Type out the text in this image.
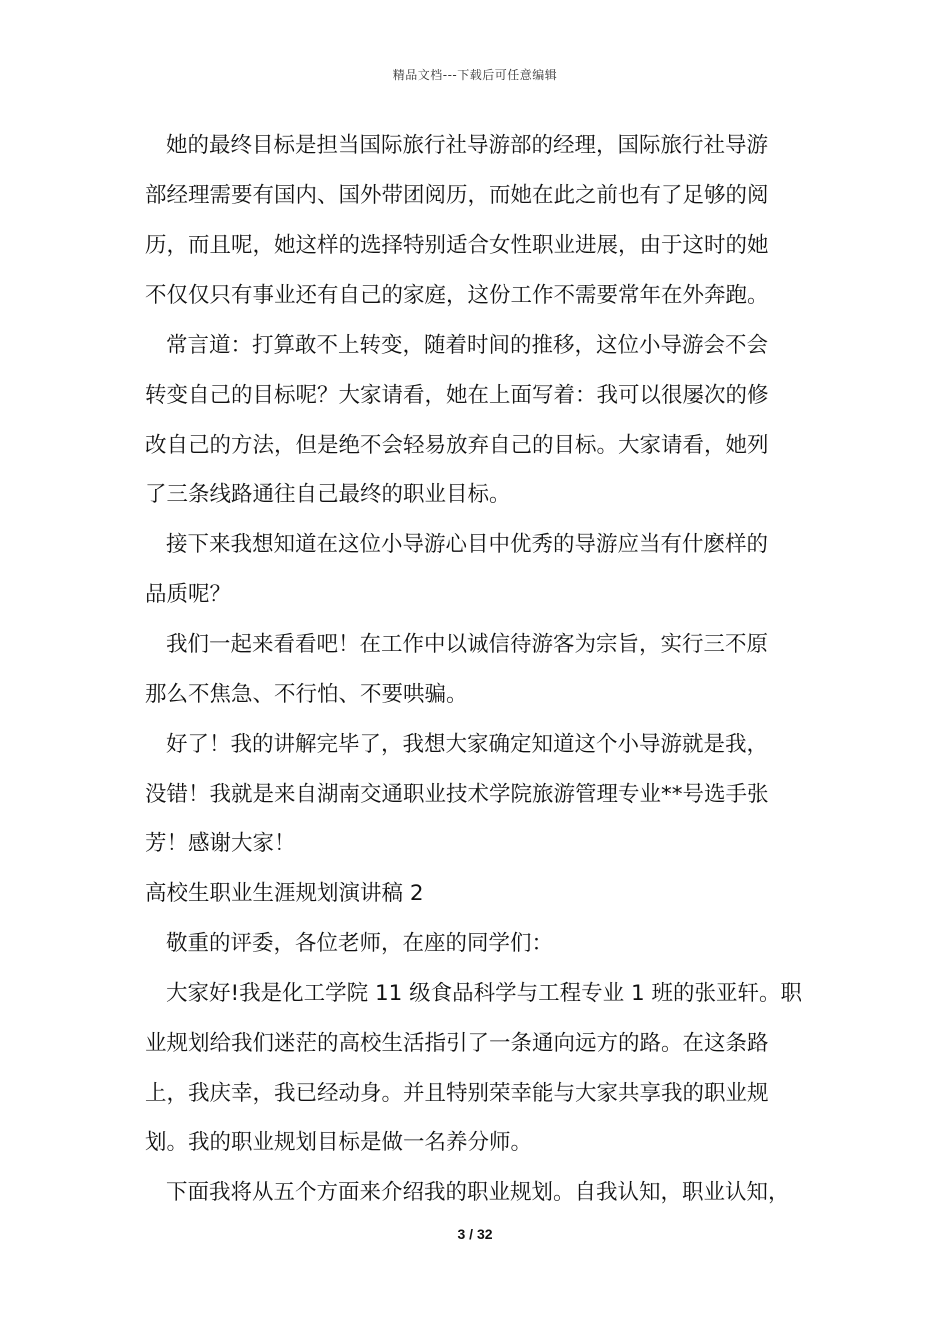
精品文档---下载后可任意编辑
她的最终目标是担当国际旅行社导游部的经理，国际旅行社导游
部经理需要有国内、国外带团阅历，而她在此之前也有了足够的阅
历，而且呢，她这样的选择特别适合女性职业进展，由于这时的她
不仅仅只有事业还有自己的家庭，这份工作不需要常年在外奔跑。
常言道：打算敢不上转变，随着时间的推移，这位小导游会不会
转变自己的目标呢？大家请看，她在上面写着：我可以很屡次的修
改自己的方法，但是绝不会轻易放弃自己的目标。大家请看，她列
了三条线路通往自己最终的职业目标。
接下来我想知道在这位小导游心目中优秀的导游应当有什麽样的
品质呢？
我们一起来看看吧！在工作中以诚信待游客为宗旨，实行三不原
那么不焦急、不行怕、不要哄骗。
好了！我的讲解完毕了，我想大家确定知道这个小导游就是我，
没错！我就是来自湖南交通职业技术学院旅游管理专业**号选手张
芳！感谢大家！
高校生职业生涯规划演讲稿 2
敬重的评委，各位老师，在座的同学们：
大家好!我是化工学院 11 级食品科学与工程专业 1 班的张亚轩。职
业规划给我们迷茫的高校生活指引了一条通向远方的路。在这条路
上，我庆幸，我已经动身。并且特别荣幸能与大家共享我的职业规
划。我的职业规划目标是做一名养分师。
下面我将从五个方面来介绍我的职业规划。自我认知，职业认知，
3 / 32
